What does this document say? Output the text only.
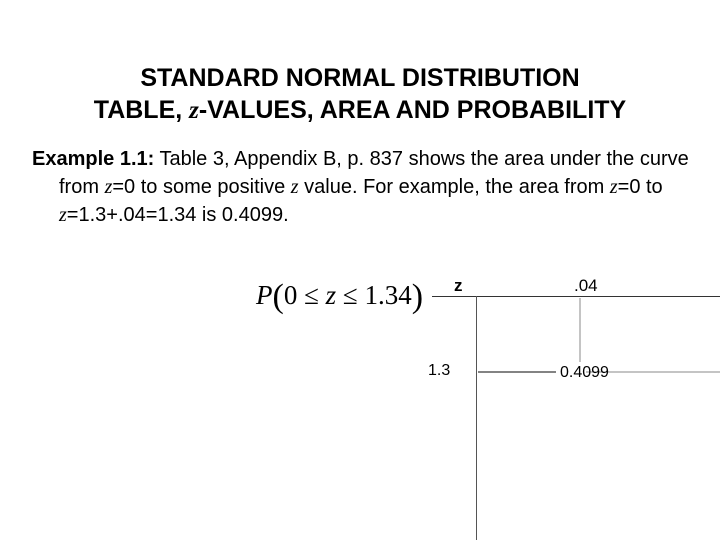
STANDARD NORMAL DISTRIBUTION
TABLE, z-VALUES, AREA AND PROBABILITY

Example 1.1: Table 3, Appendix B, p. 837 shows the area under the curve from z=0 to some positive z value. For example, the area from z=0 to z=1.3+.04=1.34 is 0.4099.

P(0 ≤ z ≤ 1.34) z	.04
1.3	0.4099
